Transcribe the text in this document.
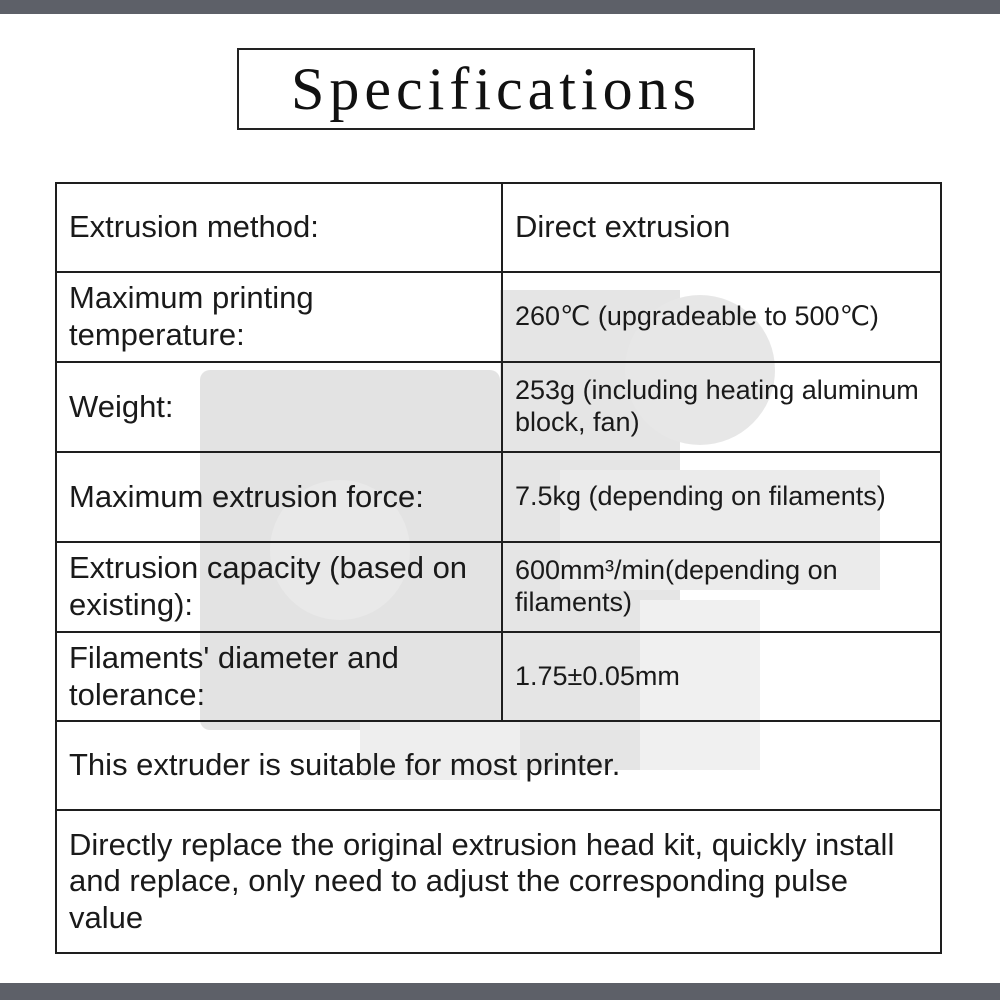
Specifications
Extrusion method:	Direct extrusion
Maximum printing temperature:	260℃ (upgradeable to 500℃)
Weight:	253g (including heating aluminum block, fan)
Maximum extrusion force:	7.5kg (depending on filaments)
Extrusion capacity (based on existing):	600mm³/min(depending on filaments)
Filaments' diameter and tolerance:	1.75±0.05mm
This extruder is suitable for most printer.	
Directly replace the original extrusion head kit, quickly install and replace, only need to adjust the corresponding pulse value	
